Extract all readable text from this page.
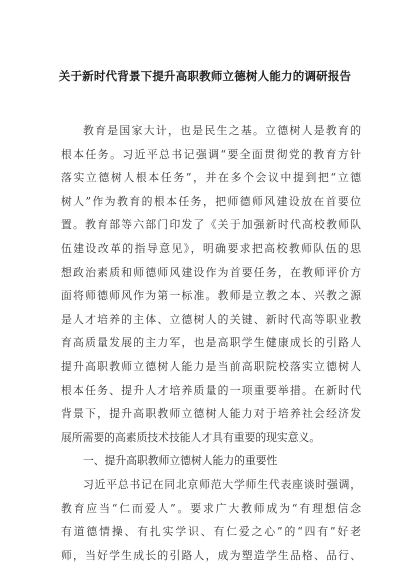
关于新时代背景下提升高职教师立德树人能力的调研报告
教育是国家大计，也是民生之基。立德树人是教育的
根本任务。习近平总书记强调“要全面贯彻党的教育方针
落实立德树人根本任务”，并在多个会议中提到把“立德
树人”作为教育的根本任务，把师德师风建设放在首要位
置。教育部等六部门印发了《关于加强新时代高校教师队
伍建设改革的指导意见》，明确要求把高校教师队伍的思
想政治素质和师德师风建设作为首要任务，在教师评价方
面将师德师风作为第一标准。教师是立教之本、兴教之源
是人才培养的主体、立德树人的关键、新时代高等职业教
育高质量发展的主力军，也是高职学生健康成长的引路人
提升高职教师立德树人能力是当前高职院校落实立德树人
根本任务、提升人才培养质量的一项重要举措。在新时代
背景下，提升高职教师立德树人能力对于培养社会经济发
展所需要的高素质技术技能人才具有重要的现实意义。
一、提升高职教师立德树人能力的重要性
习近平总书记在同北京师范大学师生代表座谈时强调，
教育应当“仁而爱人”。要求广大教师成为“有理想信念
有道德情操、有扎实学识、有仁爱之心”的“四有”好老
师，当好学生成长的引路人，成为塑造学生品格、品行、
